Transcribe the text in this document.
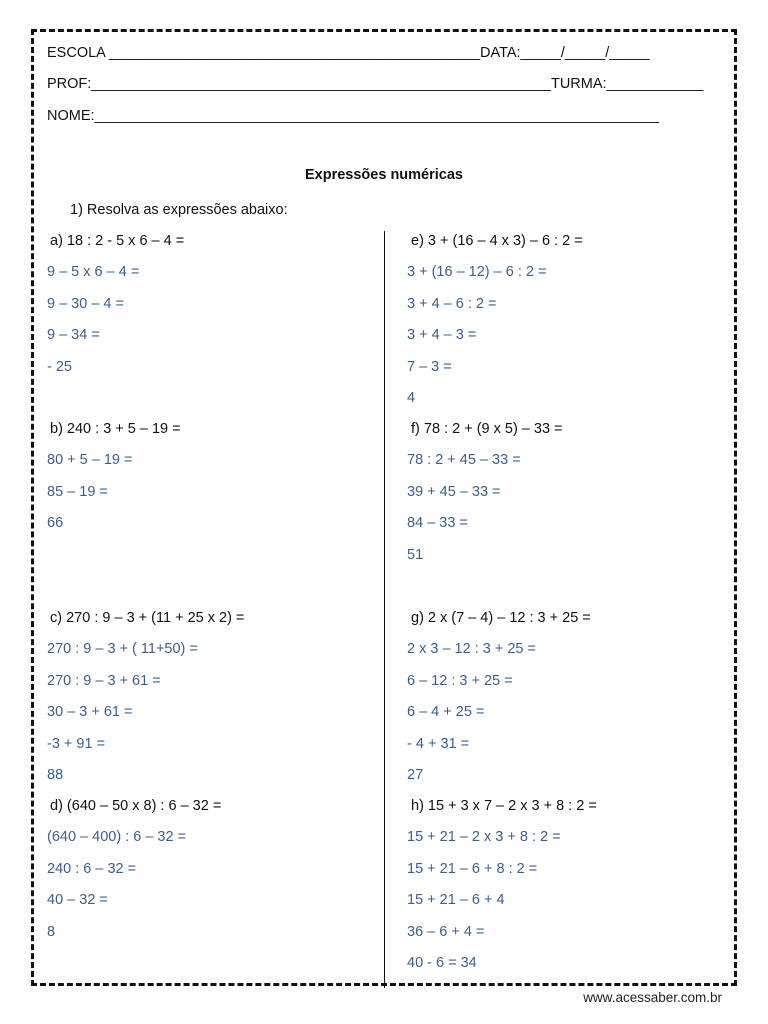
ESCOLA ______________________________________________DATA:_____/_____/_____
PROF:_________________________________________________________TURMA:____________
NOME:______________________________________________________________________
Expressões numéricas
1) Resolva as expressões abaixo:
a) 18 : 2 - 5 x 6 – 4 =
9 – 5 x 6 – 4 =
9 – 30 – 4 =
9 – 34 =
- 25
b) 240 : 3 + 5 – 19 =
80 + 5 – 19 =
85 – 19 =
66
c) 270 : 9 – 3 + (11 + 25 x 2) =
270 : 9 – 3 + ( 11+50) =
270 : 9 – 3 + 61 =
30 – 3 + 61 =
-3 + 91 =
88
d) (640 – 50 x 8) : 6 – 32 =
(640 – 400) : 6 – 32 =
240 : 6 – 32 =
40 – 32 =
8
e) 3 + (16 – 4 x 3) – 6 : 2 =
3 + (16 – 12) – 6 : 2 =
3 + 4 – 6 : 2 =
3 + 4 – 3 =
7 – 3 =
4
f) 78 : 2 + (9 x 5) – 33 =
78 : 2 + 45 – 33 =
39 + 45 – 33 =
84 – 33 =
51
g) 2 x (7 – 4) – 12 : 3 + 25 =
2 x 3 – 12 : 3 + 25 =
6 – 12 : 3 + 25 =
6 – 4 + 25 =
- 4 + 31 =
27
h) 15 + 3 x 7 – 2 x 3 + 8 : 2 =
15 + 21 – 2 x 3 + 8 : 2 =
15 + 21 – 6 + 8 : 2 =
15 + 21 – 6 + 4
36 – 6 + 4 =
40 - 6 = 34
www.acessaber.com.br
